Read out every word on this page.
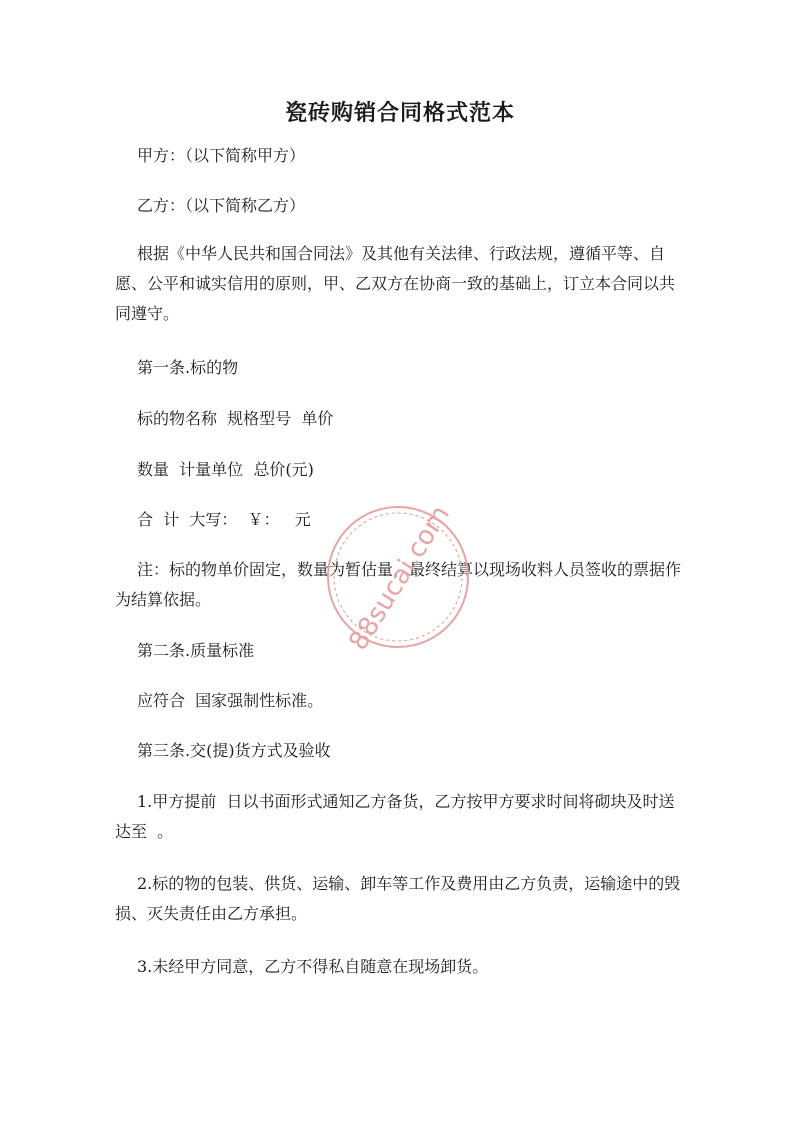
瓷砖购销合同格式范本
甲方：（以下简称甲方）
乙方：（以下简称乙方）
根据《中华人民共和国合同法》及其他有关法律、行政法规，遵循平等、自愿、公平和诚实信用的原则，甲、乙双方在协商一致的基础上，订立本合同以共同遵守。
第一条.标的物
标的物名称  规格型号  单价
数量  计量单位  总价(元)
合  计  大写：  ￥：   元
注：标的物单价固定，数量为暂估量，最终结算以现场收料人员签收的票据作为结算依据。
第二条.质量标准
应符合  国家强制性标准。
第三条.交(提)货方式及验收
1.甲方提前  日以书面形式通知乙方备货，乙方按甲方要求时间将砌块及时送达至  。
2.标的物的包装、供货、运输、卸车等工作及费用由乙方负责，运输途中的毁损、灭失责任由乙方承担。
3.未经甲方同意，乙方不得私自随意在现场卸货。
88sucai.com
